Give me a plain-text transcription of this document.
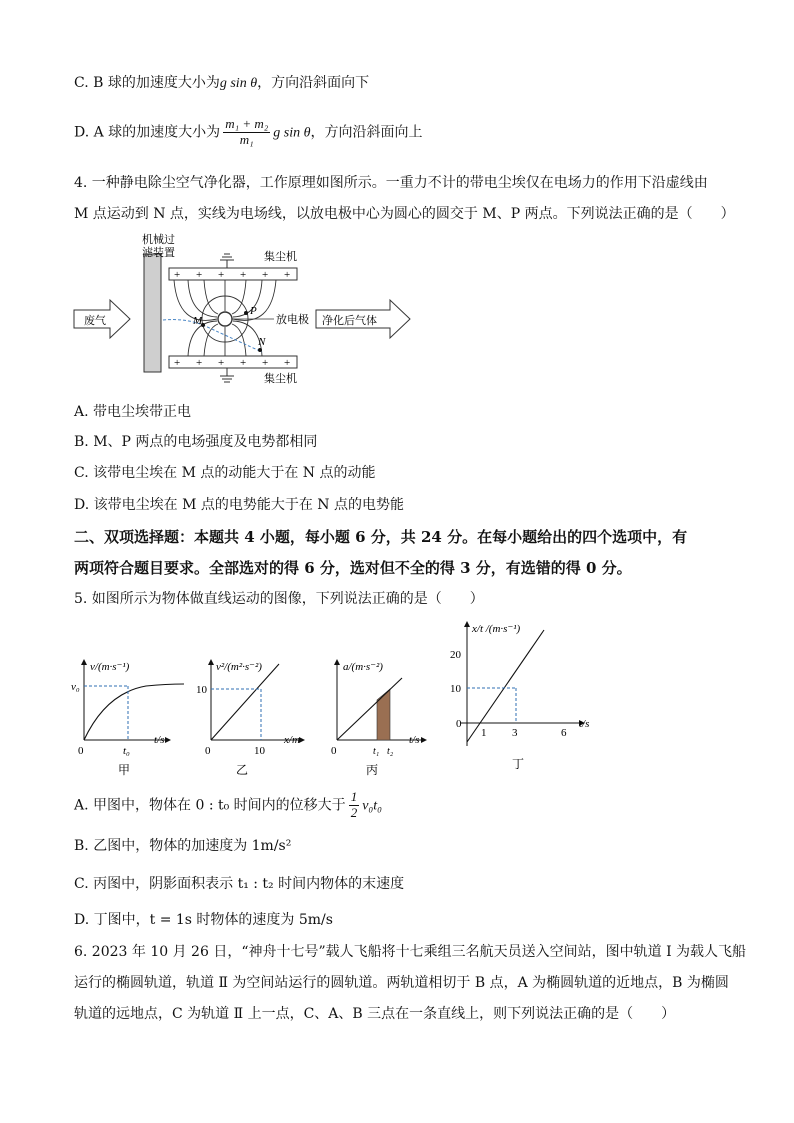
C. B 球的加速度大小为g sin θ，方向沿斜面向下
D. A 球的加速度大小为 $\frac{\text{m₁ + m₂}}{\text{m₁}}$ g sin θ，方向沿斜面向上
4. 一种静电除尘空气净化器，工作原理如图所示。一重力不计的带电尘埃仅在电场力的作用下沿虚线由
M 点运动到 N 点，实线为电场线，以放电极中心为圆心的圆交于 M、P 两点。下列说法正确的是（　　）
机械过
滤装置
废气	净化后气体
+ + + + + +
+ + + + + +
集尘机
集尘机
放电极
M
P
N
A. 带电尘埃带正电
B. M、P 两点的电场强度及电势都相同
C. 该带电尘埃在 M 点的动能大于在 N 点的动能
D. 该带电尘埃在 M 点的电势能大于在 N 点的电势能
二、双项选择题：本题共 4 小题，每小题 6 分，共 24 分。在每小题给出的四个选项中，有
两项符合题目要求。全部选对的得 6 分，选对但不全的得 3 分，有选错的得 0 分。
5. 如图所示为物体做直线运动的图像，下列说法正确的是（　　）
v/(m·s⁻¹)
t/s
v₀
t₀
0
甲
v²/(m²·s⁻²)
x/m
10
10
0
乙
a/(m·s⁻²)
t/s
t₁ t₂
0
丙
x/t /(m·s⁻¹)
t/s
20
10
0
1 3	6
丁
A. 甲图中，物体在 0 : t₀ 时间内的位移大于 $\frac{1}{2} v_0t_0$
B. 乙图中，物体的加速度为 1m/s²
C. 丙图中，阴影面积表示 t₁ : t₂ 时间内物体的末速度
D. 丁图中，t = 1s 时物体的速度为 5m/s
6. 2023 年 10 月 26 日，“神舟十七号”载人飞船将十七乘组三名航天员送入空间站，图中轨道 Ⅰ 为载人飞船
运行的椭圆轨道，轨道 Ⅱ 为空间站运行的圆轨道。两轨道相切于 B 点，A 为椭圆轨道的近地点，B 为椭圆
轨道的远地点，C 为轨道 Ⅱ 上一点，C、A、B 三点在一条直线上，则下列说法正确的是（　　）
